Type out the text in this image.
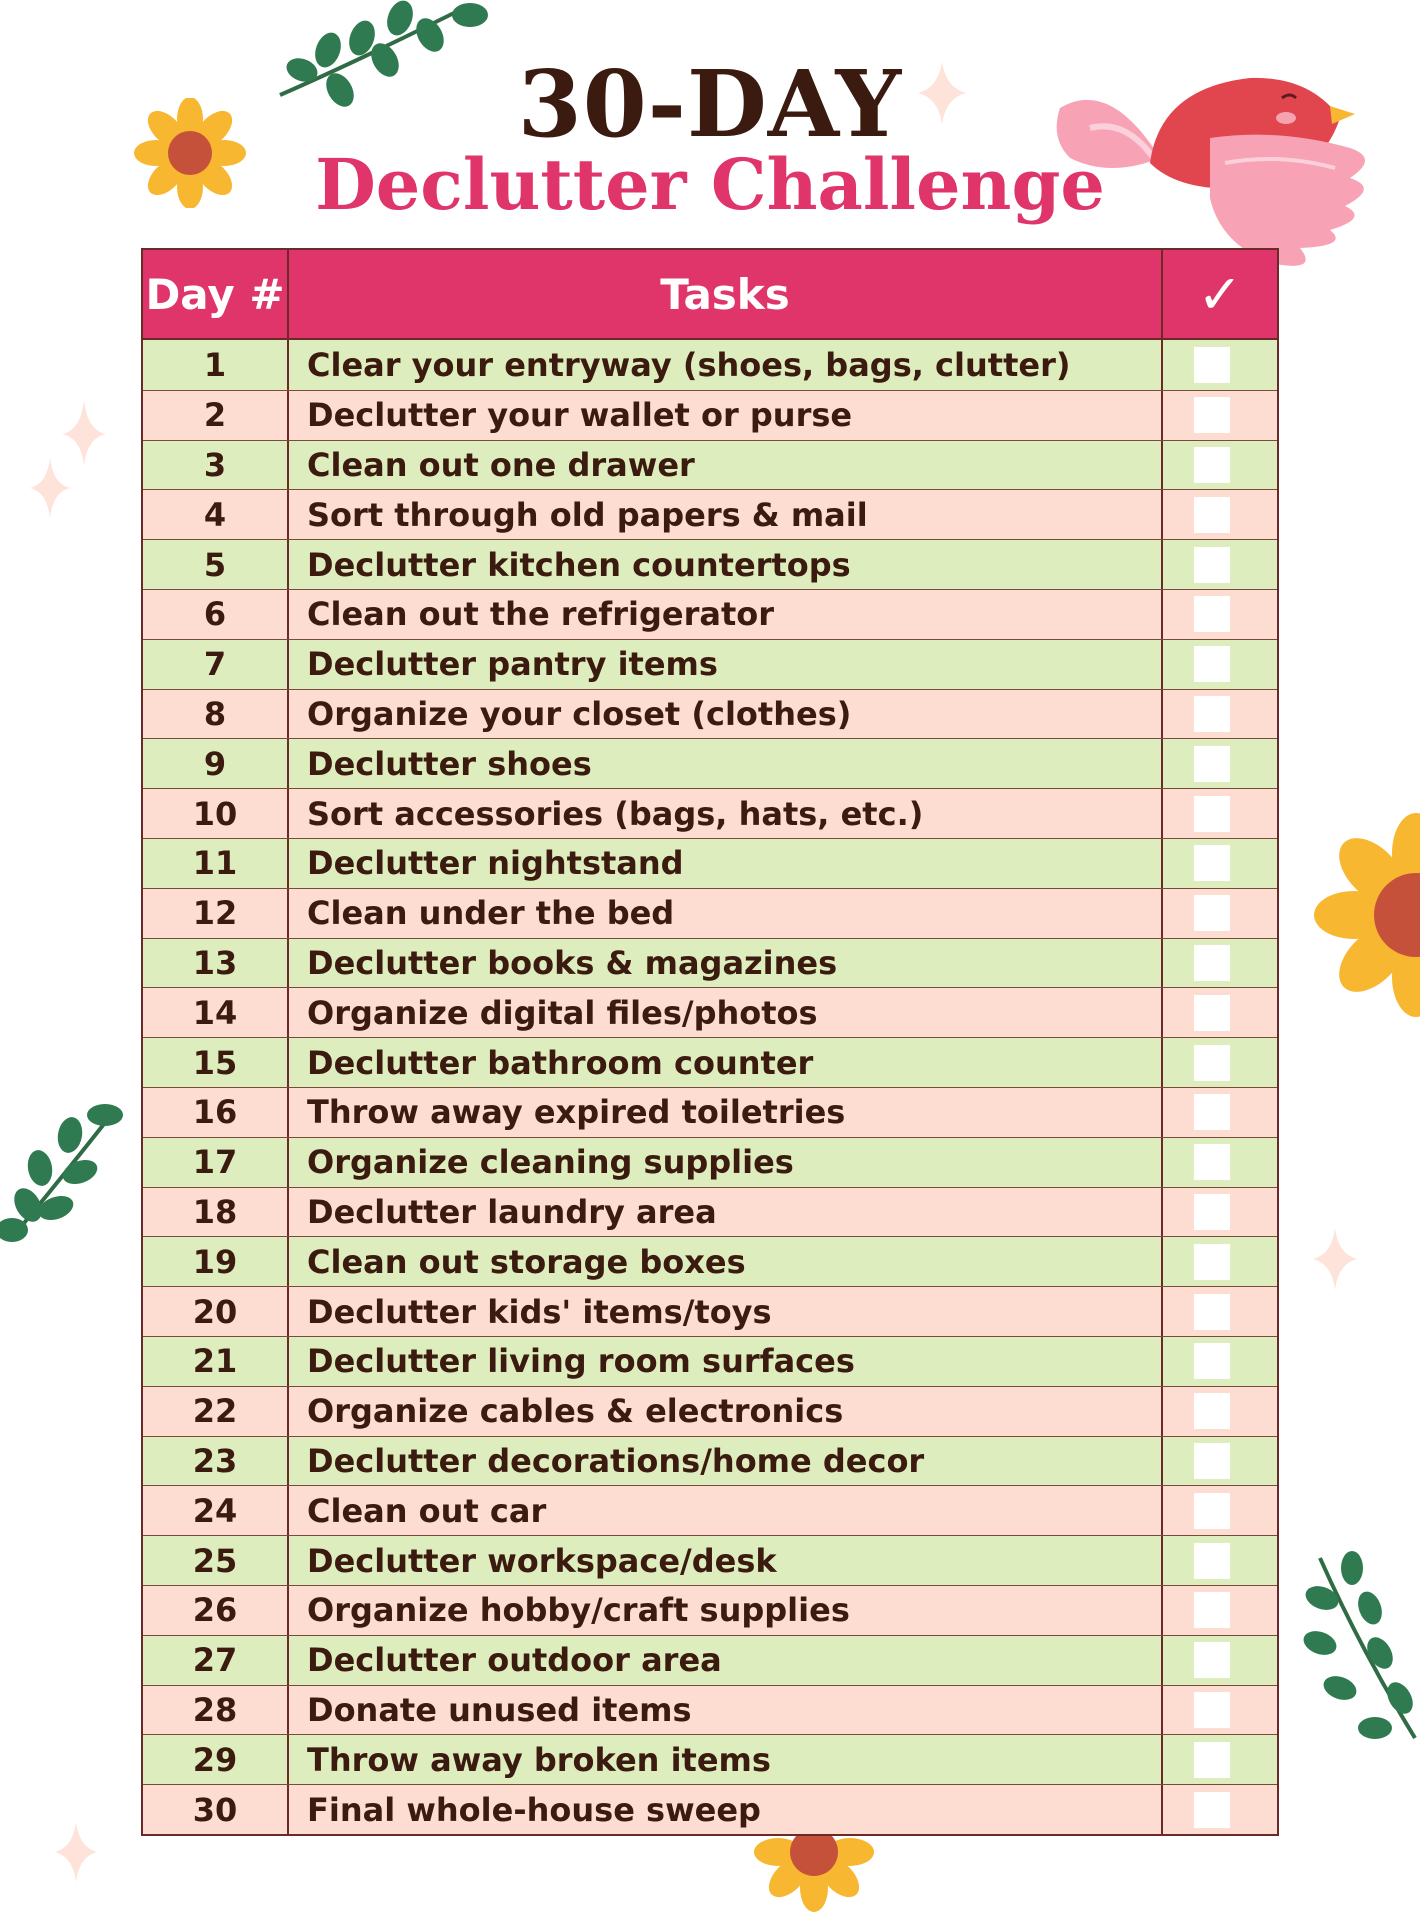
30-DAY
Declutter Challenge
Day #	Tasks	✓
1	Clear your entryway (shoes, bags, clutter)
2	Declutter your wallet or purse
3	Clean out one drawer
4	Sort through old papers & mail
5	Declutter kitchen countertops
6	Clean out the refrigerator
7	Declutter pantry items
8	Organize your closet (clothes)
9	Declutter shoes
10	Sort accessories (bags, hats, etc.)
11	Declutter nightstand
12	Clean under the bed
13	Declutter books & magazines
14	Organize digital files/photos
15	Declutter bathroom counter
16	Throw away expired toiletries
17	Organize cleaning supplies
18	Declutter laundry area
19	Clean out storage boxes
20	Declutter kids' items/toys
21	Declutter living room surfaces
22	Organize cables & electronics
23	Declutter decorations/home decor
24	Clean out car
25	Declutter workspace/desk
26	Organize hobby/craft supplies
27	Declutter outdoor area
28	Donate unused items
29	Throw away broken items
30	Final whole-house sweep
